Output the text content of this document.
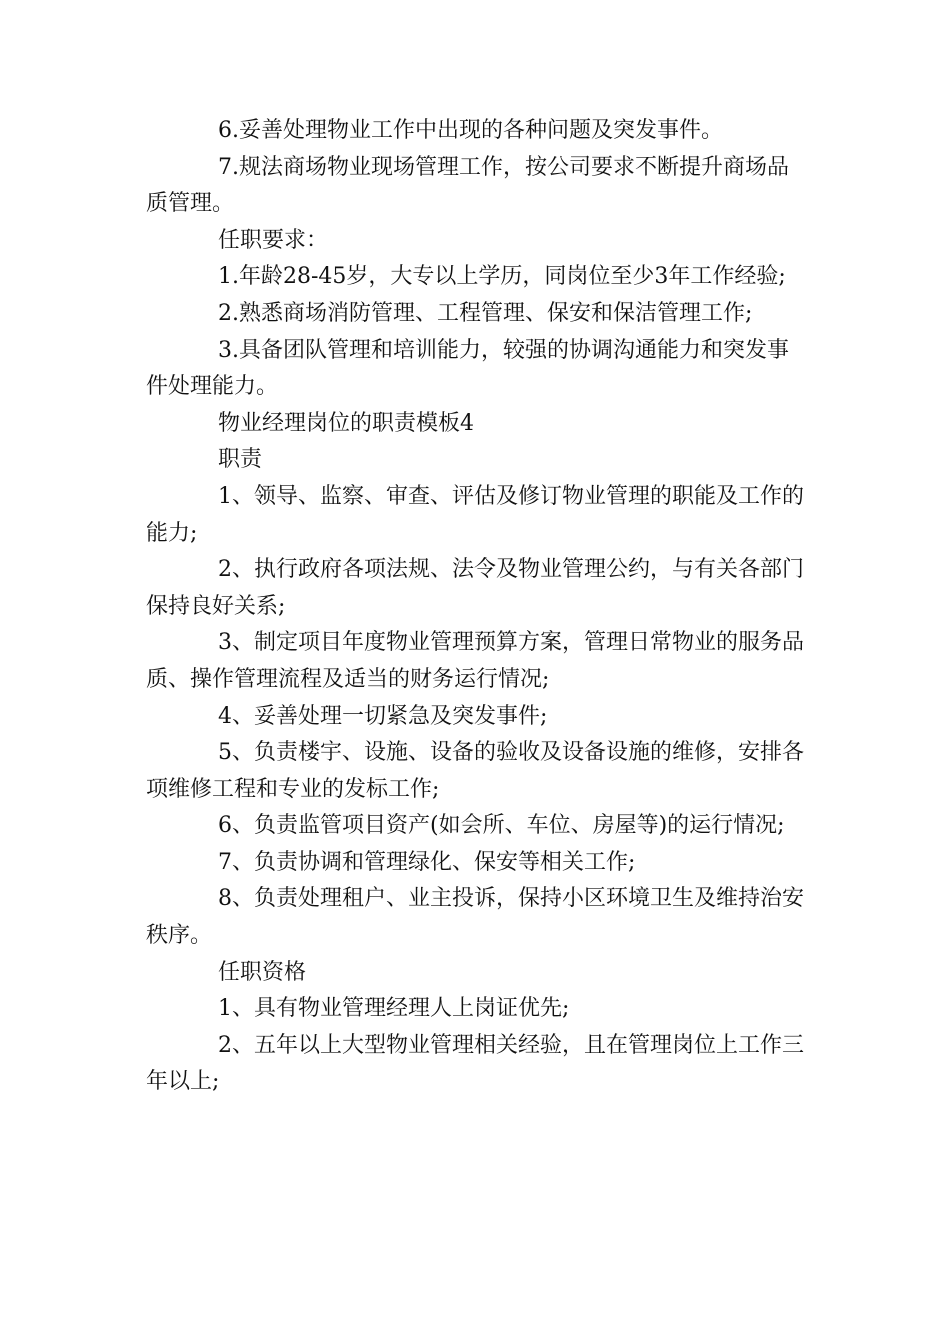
6.妥善处理物业工作中出现的各种问题及突发事件。

7.规法商场物业现场管理工作，按公司要求不断提升商场品质管理。

任职要求：

1.年龄28-45岁，大专以上学历，同岗位至少3年工作经验;

2.熟悉商场消防管理、工程管理、保安和保洁管理工作;

3.具备团队管理和培训能力，较强的协调沟通能力和突发事件处理能力。

物业经理岗位的职责模板4

职责

1、领导、监察、审查、评估及修订物业管理的职能及工作的能力;

2、执行政府各项法规、法令及物业管理公约，与有关各部门保持良好关系;

3、制定项目年度物业管理预算方案，管理日常物业的服务品质、操作管理流程及适当的财务运行情况;

4、妥善处理一切紧急及突发事件;

5、负责楼宇、设施、设备的验收及设备设施的维修，安排各项维修工程和专业的发标工作;

6、负责监管项目资产(如会所、车位、房屋等)的运行情况;

7、负责协调和管理绿化、保安等相关工作;

8、负责处理租户、业主投诉，保持小区环境卫生及维持治安秩序。

任职资格

1、具有物业管理经理人上岗证优先;

2、五年以上大型物业管理相关经验，且在管理岗位上工作三年以上;
